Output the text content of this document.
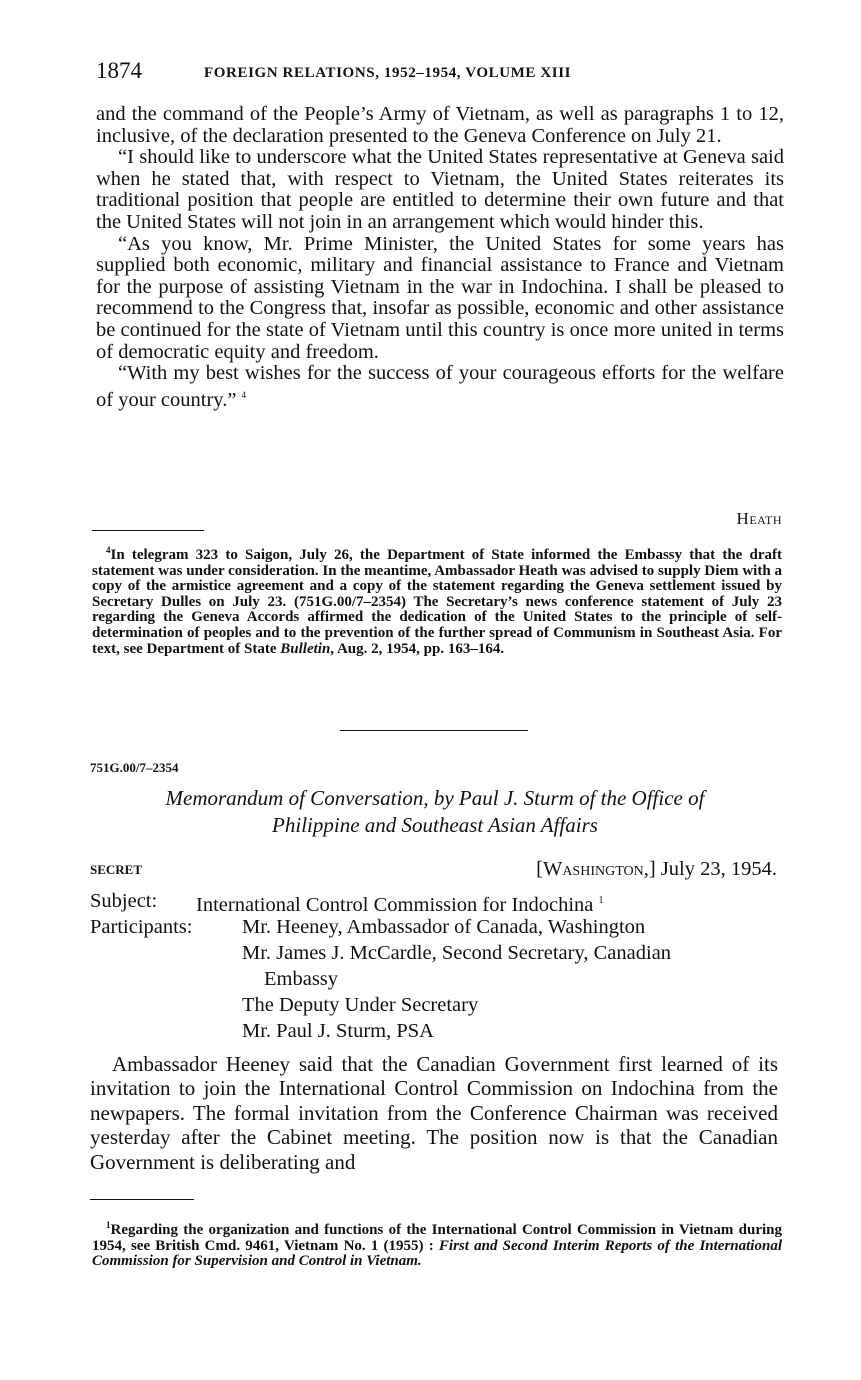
1874	FOREIGN RELATIONS, 1952–1954, VOLUME XIII

and the command of the People’s Army of Vietnam, as well as paragraphs 1 to 12, inclusive, of the declaration presented to the Geneva Conference on July 21.

“I should like to underscore what the United States representative at Geneva said when he stated that, with respect to Vietnam, the United States reiterates its traditional position that people are entitled to determine their own future and that the United States will not join in an arrangement which would hinder this.

“As you know, Mr. Prime Minister, the United States for some years has supplied both economic, military and financial assistance to France and Vietnam for the purpose of assisting Vietnam in the war in Indochina. I shall be pleased to recommend to the Congress that, insofar as possible, economic and other assistance be continued for the state of Vietnam until this country is once more united in terms of democratic equity and freedom.

“With my best wishes for the success of your courageous efforts for the welfare of your country.” $^4$

Heath

$^4$In telegram 323 to Saigon, July 26, the Department of State informed the Embassy that the draft statement was under consideration. In the meantime, Ambassador Heath was advised to supply Diem with a copy of the armistice agreement and a copy of the statement regarding the Geneva settlement issued by Secretary Dulles on July 23. (751G.00/7–2354) The Secretary’s news conference statement of July 23 regarding the Geneva Accords affirmed the dedication of the United States to the principle of self-determination of peoples and to the prevention of the further spread of Communism in Southeast Asia. For text, see Department of State Bulletin, Aug. 2, 1954, pp. 163–164.

751G.00/7–2354
Memorandum of Conversation, by Paul J. Sturm of the Office of
Philippine and Southeast Asian Affairs
SECRET	[Washington,] July 23, 1954.
Subject: International Control Commission for Indochina $^1$
Participants: Mr. Heeney, Ambassador of Canada, Washington
Mr. James J. McCardle, Second Secretary, Canadian
Embassy
The Deputy Under Secretary
Mr. Paul J. Sturm, PSA

Ambassador Heeney said that the Canadian Government first learned of its invitation to join the International Control Commission on Indochina from the newpapers. The formal invitation from the Conference Chairman was received yesterday after the Cabinet meeting. The position now is that the Canadian Government is deliberating and

$^1$Regarding the organization and functions of the International Control Commission in Vietnam during 1954, see British Cmd. 9461, Vietnam No. 1 (1955) : First and Second Interim Reports of the International Commission for Supervision and Control in Vietnam.
